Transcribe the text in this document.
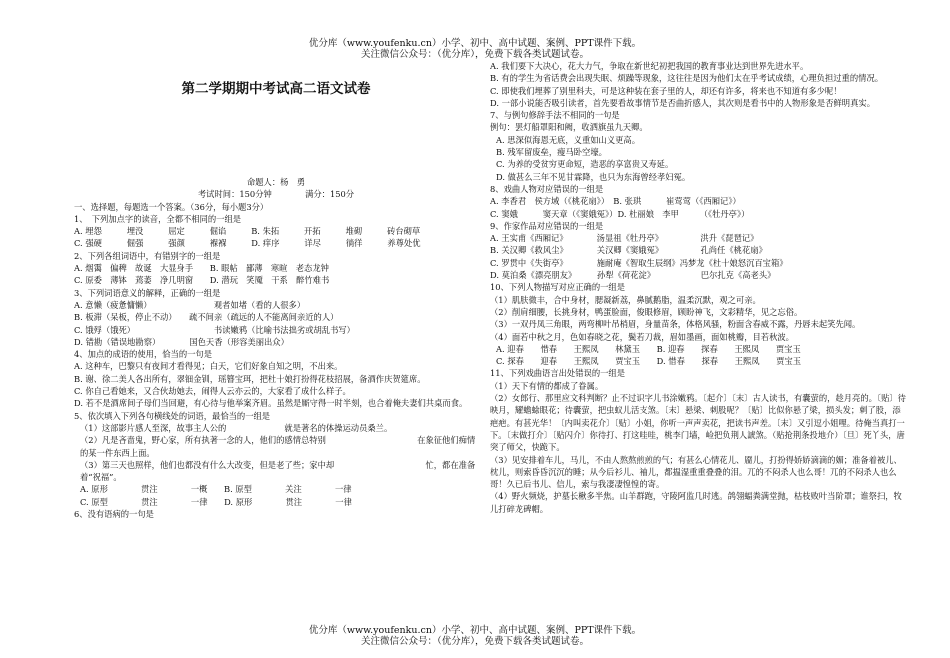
优分库（www.youfenku.cn）小学、初中、高中试题、案例、PPT课件下载。
关注微信公众号：（优分库），免费下载各类试题试卷。
第二学期期中考试高二语文试卷
命题人：杨　勇
考试时间：150分钟	满分：150分
一、选择题，每题选一个答案。（36分，每小题3分）
1、　下列加点字的读音，全都不相同的一组是
A. 埋怨　　　埋没　　　屈定　　　倔谄　　　B. 朱拓　　　开拓　　　堆砌　　　砖台砌草
C. 强硬　　　倔强　　　强颜　　　褓褓　　　D. 痒序　　　详尽　　　徜徉　　　养尊处优
2、下列各组词语中，有错别字的一组是
A. 烟霭　偏稗　故诞　大显身手　　B. 眼帖　鄙薄　寒暄　老态龙钟
C. 原委　薄钵　蔫萎　净几明窗　　D. 潜玩　笑魇　干系　醉竹难书
3、下列词语意义的解释，正确的一组是
A. 意懒（疲惫慵懒）　　　　　　　　观者如堵（看的人很多）
B. 板滞（呆板，停止不动）　　疏不间亲（疏远的人不能离间亲近的人）
C. 饿殍（饿死）　　　　　　　　　　书读嫩鸦（比喻书法拙劣或胡乱书写）
D. 错勘（错误地勘察）　　　　国色天香（形容美丽出众）
4、加点的成语的使用，恰当的一句是
A. 这种车，巴黎只有夜间才看得见；白天，它们好象自知之明，不出来。
B. 谢、徐二美人各出所有，翠钿金钏，瑶簪宝珥，把杜十娘打扮得花枝招展，备酒作庆贺筵席。
C. 你自己看她来，又合伙劫她去，闹得人云亦云的，大家看了成什么样子。
D. 若不是酒席间子母们当回避，有心待与他举案齐眉。虽然是厮守得一时半刻，也合着俺夫妻们共桌而食。
5、依次填入下列各句横线处的词语，最恰当的一组是
（1）这部影片感人至深，故事主人公的　　　　　　　就是著名的体操运动员桑兰。
（2）凡是吝啬鬼，野心家，所有执著一念的人，他们的感情总特别　　　　　　　　　　　在象征他们痴情的某一件东西上面。
（3）第三天也照样，他们也都没有什么大改变，但是老了些；家中却　　　　　　　　　　　忙，都在准备着“祝福”。
A. 原形　　　　贯注　　　　一概　　B. 原型　　　　关注　　　　一律
C. 原型　　　　贯注　　　　一律　　D. 原形　　　　贯注　　　　一律
6、没有语病的一句是
A. 我们要下大决心，花大力气，争取在新世纪初把我国的教育事业达到世界先进水平。
B. 有的学生为省话费会出现失眠、烦躁等现象，这往往是因为他们太在乎考试成绩，心理负担过重的情况。
C. 即使我们埋葬了别里科夫，可是这种装在套子里的人，却还有许多，将来也不知道有多少呢！
D. 一部小说能否吸引读者，首先要看故事情节是否曲折感人，其次则是看书中的人物形象是否鲜明真实。
7、与例句修辞手法不相同的一句是
例句：罢灯船罩阳和阙，收洒旗虽九天卿。
A. 思深似海恩无底，义重如山义更高。
B. 残军留废垒，瘦马卧空壕。
C. 为养的受贫穷更命短，造恶的享富贵又寿延。
D. 做甚么三年不见甘霖降，也只为东海曾经孝妇冤。
8、戏曲人物对应错误的一组是
A. 李香君　侯方域（《桃花扇》）　B. 张珙　　　崔莺莺（《西厢记》）
C. 窦娥　　　窦天章（《窦娥冤》）D. 杜丽娘　李甲　　　（《牡丹亭》）
9、作家作品对应错误的一组是
A. 王实甫《西厢记》　　　　汤显祖《牡丹亭》　　　　　洪升《琵琶记》
B. 关汉卿《救风尘》　　　　关汉卿《窦娥冤》　　　　　孔尚任《桃花扇》
C. 罗贯中《失街亭》　　　　施耐庵《智取生辰纲》冯梦龙《杜十娘怒沉百宝箱》
D. 莫泊桑《漂亮朋友》　　　孙犁《荷花淀》　　　　　　巴尔扎克《高老头》
10、下列人物描写对应正确的一组是
（1）肌肤微丰，合中身材，腮凝新荔，鼻腻鹅脂，温柔沉默，观之可亲。
（2）削肩细腰，长挑身材，鸭蛋脸面，俊眼修眉，顾盼神飞，文彩精华，见之忘俗。
（3）一双丹凤三角眼，两弯柳叶吊梢眉，身量苗条，体格风骚，粉面含春威不露，丹唇未起笑先闻。
（4）面若中秋之月，色如春晓之花，鬓若刀裁，眉如墨画，面如桃瓣，目若秋波。
A. 迎春　　惜春　　王熙凤　　林黛玉　　B. 迎春　　探春　　王熙凤　　贾宝玉
C. 探春　　迎春　　王熙凤　　贾宝玉　　D. 惜春　　探春　　王熙凤　　贾宝玉
11、下列戏曲语言出处错误的一组是
（1）天下有情的都成了眷属。
（2）女郎行、那里应文科判断？止不过识字儿书涂嫩鸦。〔起介〕〔末〕古人读书，有囊萤的，趁月亮的。〔贴〕待映月，耀蟾蜍眼花；待囊萤，把虫蚁儿活支煞。〔末〕悬梁、刺股呢？〔贴〕比似你悬了梁，损头发；刺了股，添疤疤。有甚光华！〔内叫卖花介〕〔贴〕小姐，你听一声声卖花，把读书声差。〔末〕又引逗小姐哩。待俺当真打一下。〔末做打介〕〔贴闪介〕你待打、打这哇哇，桃李门墙，崄把负荆人諕煞。（贴抢荆条投地介）〔旦〕死丫头，唐突了师父，快跪下。
（3）见安排着车儿，马儿，不由人熬熬煎煎的气；有甚么心情花儿、靥儿，打扮得娇娇滴滴的媚；准备着被儿、枕儿，则索昏昏沉沉的睡；从今后衫儿、袖儿，都揾湿重重叠叠的泪。兀的不闷杀人也么哥！兀的不闷杀人也么哥！久已后书儿、信儿，索与我凄凄惶惶的寄。
（4）野火频烧，护墓长楸多半焦。山羊群跑，守陵阿监几时逃。鸽翎蝠粪满堂抛，枯枝败叶当阶罩；谁祭扫，牧儿打碎龙碑帽。
优分库（www.youfenku.cn）小学、初中、高中试题、案例、PPT课件下载。
关注微信公众号：（优分库），免费下载各类试题试卷。
